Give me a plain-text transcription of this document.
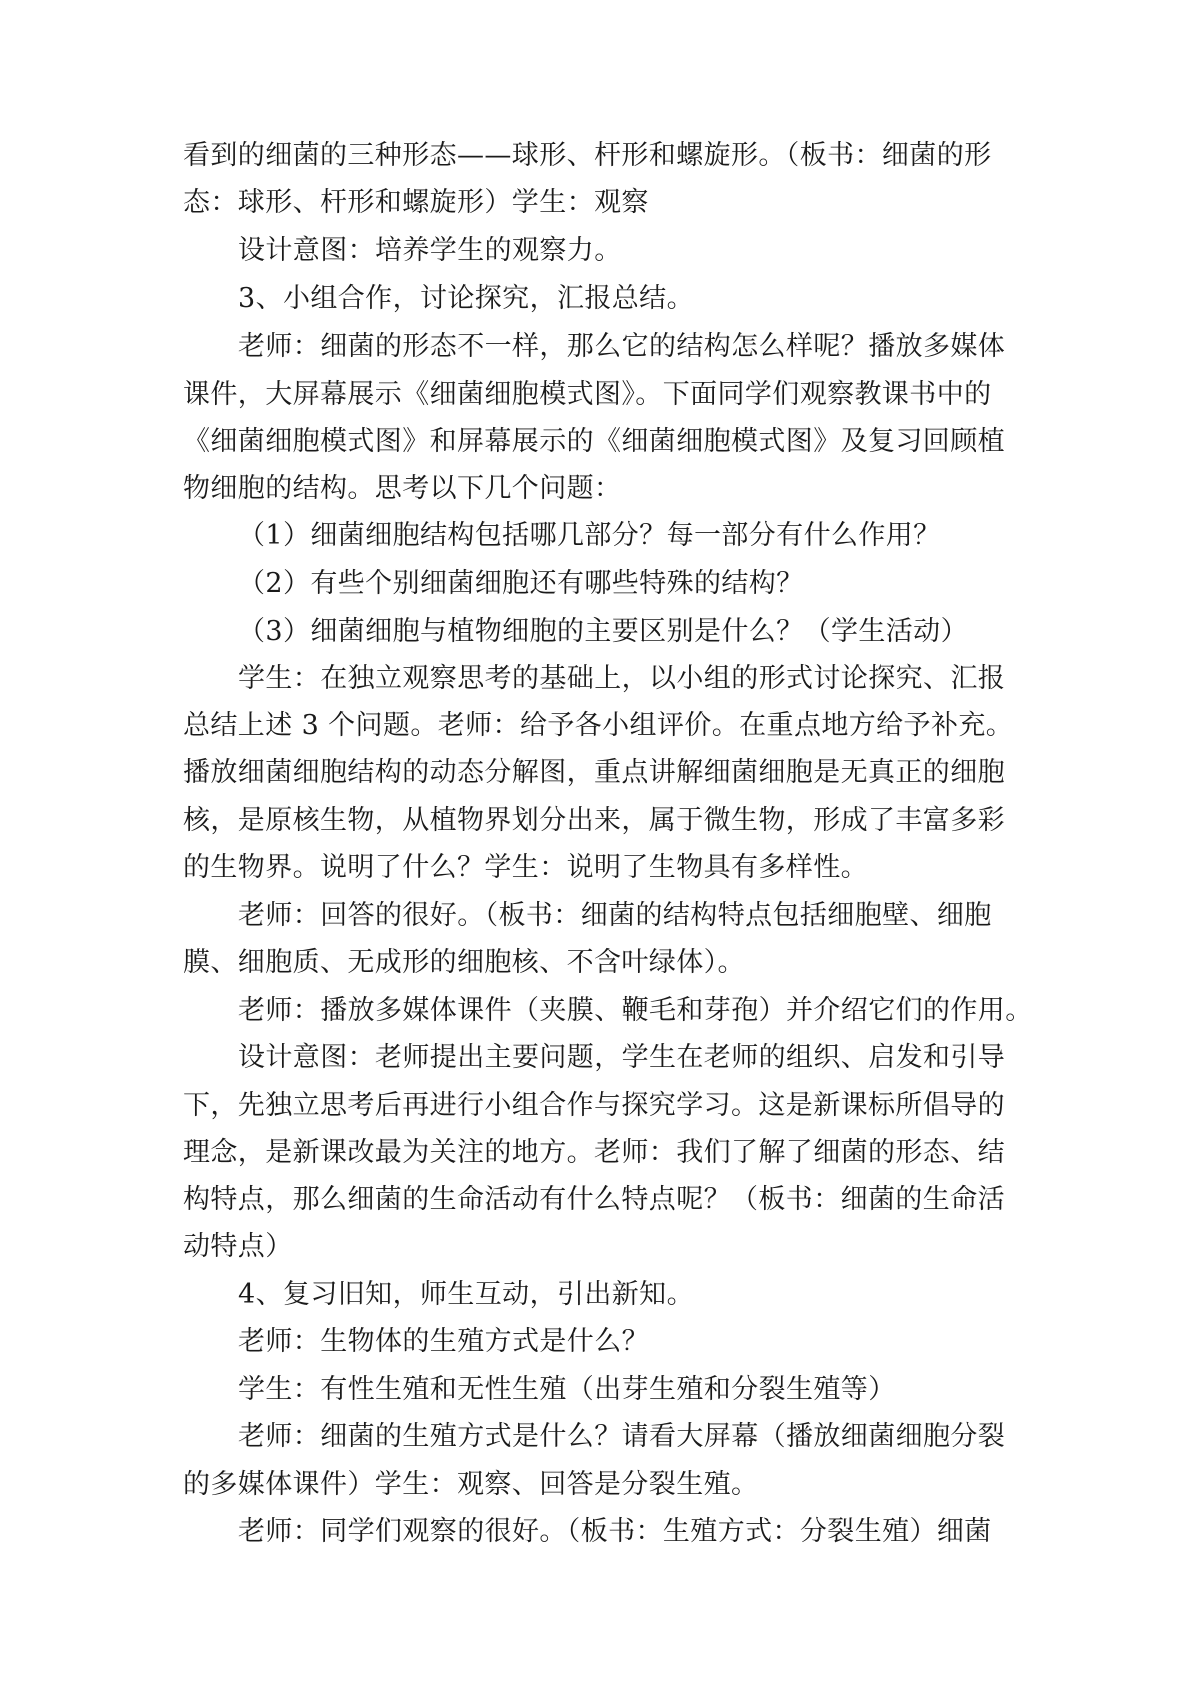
看到的细菌的三种形态——球形、杆形和螺旋形。（板书：细菌的形

态：球形、杆形和螺旋形）学生：观察

设计意图：培养学生的观察力。

3、小组合作，讨论探究，汇报总结。

老师：细菌的形态不一样，那么它的结构怎么样呢？播放多媒体

课件，大屏幕展示《细菌细胞模式图》。下面同学们观察教课书中的

《细菌细胞模式图》和屏幕展示的《细菌细胞模式图》及复习回顾植

物细胞的结构。思考以下几个问题：

（1）细菌细胞结构包括哪几部分？每一部分有什么作用？

（2）有些个别细菌细胞还有哪些特殊的结构？

（3）细菌细胞与植物细胞的主要区别是什么？（学生活动）

学生：在独立观察思考的基础上，以小组的形式讨论探究、汇报

总结上述 3 个问题。老师：给予各小组评价。在重点地方给予补充。

播放细菌细胞结构的动态分解图，重点讲解细菌细胞是无真正的细胞

核，是原核生物，从植物界划分出来，属于微生物，形成了丰富多彩

的生物界。说明了什么？学生：说明了生物具有多样性。

老师：回答的很好。（板书：细菌的结构特点包括细胞壁、细胞

膜、细胞质、无成形的细胞核、不含叶绿体）。

老师：播放多媒体课件（夹膜、鞭毛和芽孢）并介绍它们的作用。

设计意图：老师提出主要问题，学生在老师的组织、启发和引导

下，先独立思考后再进行小组合作与探究学习。这是新课标所倡导的

理念，是新课改最为关注的地方。老师：我们了解了细菌的形态、结

构特点，那么细菌的生命活动有什么特点呢？（板书：细菌的生命活

动特点）

4、复习旧知，师生互动，引出新知。

老师：生物体的生殖方式是什么？

学生：有性生殖和无性生殖（出芽生殖和分裂生殖等）

老师：细菌的生殖方式是什么？请看大屏幕（播放细菌细胞分裂

的多媒体课件）学生：观察、回答是分裂生殖。

老师：同学们观察的很好。（板书：生殖方式：分裂生殖）细菌
